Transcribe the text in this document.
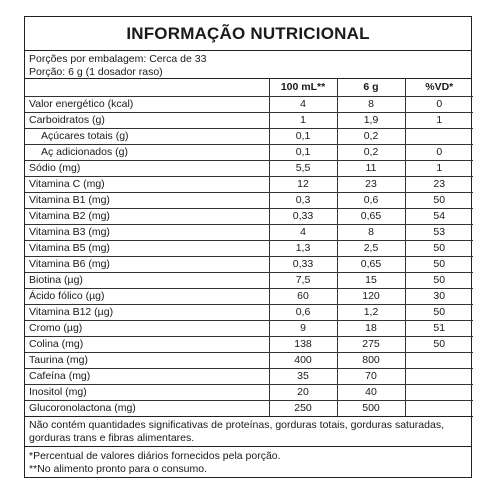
INFORMAÇÃO NUTRICIONAL
Porções por embalagem: Cerca de 33
Porção: 6 g (1 dosador raso)
	100 mL**	6 g	%VD*
Valor energético (kcal)	4	8	0
Carboidratos (g)	1	1,9	1
Açúcares totais (g)	0,1	0,2	
Aç adicionados (g)	0,1	0,2	0
Sódio (mg)	5,5	11	1
Vitamina C (mg)	12	23	23
Vitamina B1 (mg)	0,3	0,6	50
Vitamina B2 (mg)	0,33	0,65	54
Vitamina B3 (mg)	4	8	53
Vitamina B5 (mg)	1,3	2,5	50
Vitamina B6 (mg)	0,33	0,65	50
Biotina (µg)	7,5	15	50
Ácido fólico (µg)	60	120	30
Vitamina B12 (µg)	0,6	1,2	50
Cromo (µg)	9	18	51
Colina (mg)	138	275	50
Taurina (mg)	400	800	
Cafeína (mg)	35	70	
Inositol (mg)	20	40	
Glucoronolactona (mg)	250	500	
Não contém quantidades significativas de proteínas, gorduras totais, gorduras saturadas, gorduras trans e fibras alimentares.
*Percentual de valores diários fornecidos pela porção.
**No alimento pronto para o consumo.
